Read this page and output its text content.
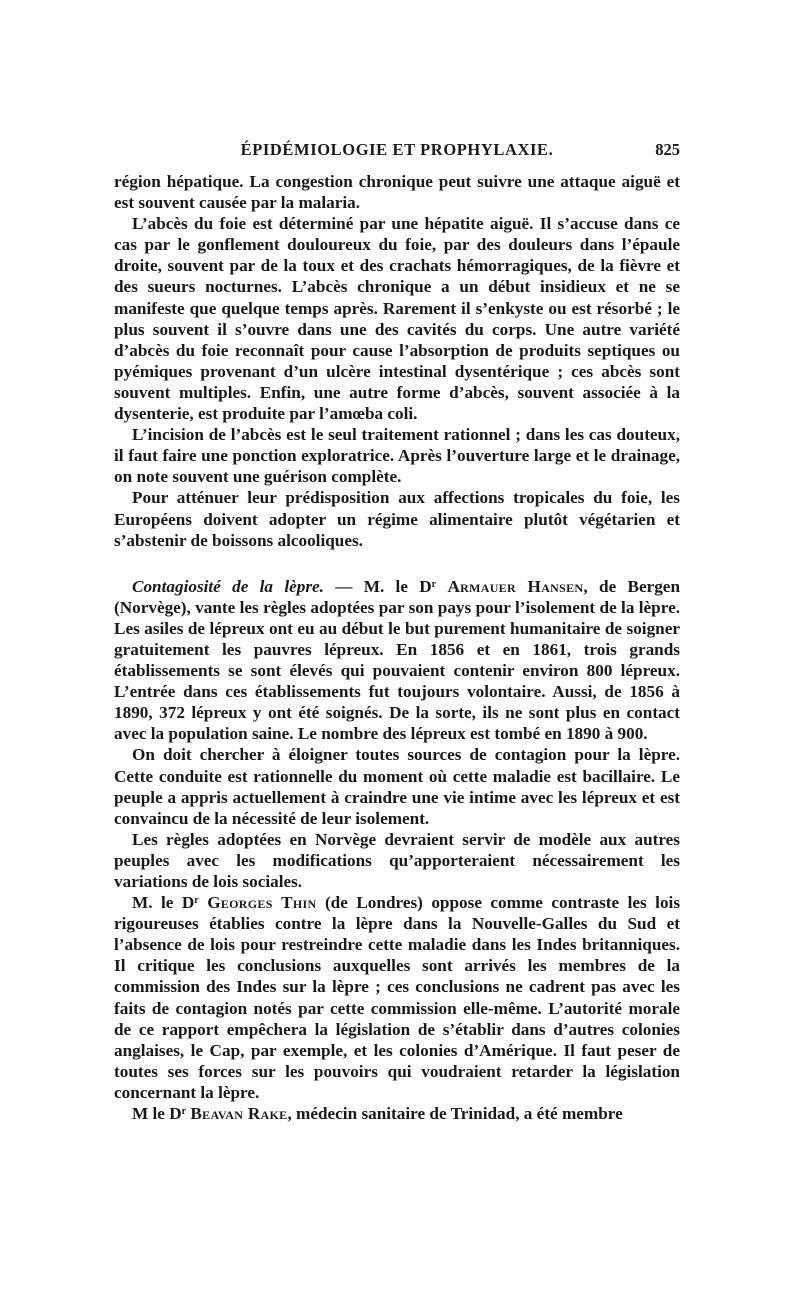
ÉPIDÉMIOLOGIE ET PROPHYLAXIE.	825

région hépatique. La congestion chronique peut suivre une attaque aiguë et est souvent causée par la malaria.

L’abcès du foie est déterminé par une hépatite aiguë. Il s’accuse dans ce cas par le gonflement douloureux du foie, par des douleurs dans l’épaule droite, souvent par de la toux et des crachats hémorragiques, de la fièvre et des sueurs nocturnes. L’abcès chronique a un début insidieux et ne se manifeste que quelque temps après. Rarement il s’enkyste ou est résorbé ; le plus souvent il s’ouvre dans une des cavités du corps. Une autre variété d’abcès du foie reconnaît pour cause l’absorption de produits septiques ou pyémiques provenant d’un ulcère intestinal dysentérique ; ces abcès sont souvent multiples. Enfin, une autre forme d’abcès, souvent associée à la dysenterie, est produite par l’amœba coli.

L’incision de l’abcès est le seul traitement rationnel ; dans les cas douteux, il faut faire une ponction exploratrice. Après l’ouverture large et le drainage, on note souvent une guérison complète.

Pour atténuer leur prédisposition aux affections tropicales du foie, les Européens doivent adopter un régime alimentaire plutôt végétarien et s’abstenir de boissons alcooliques.

Contagiosité de la lèpre. — M. le $D^r$ Armauer Hansen, de Bergen (Norvège), vante les règles adoptées par son pays pour l’isolement de la lèpre. Les asiles de lépreux ont eu au début le but purement humanitaire de soigner gratuitement les pauvres lépreux. En 1856 et en 1861, trois grands établissements se sont élevés qui pouvaient contenir environ 800 lépreux. L’entrée dans ces établissements fut toujours volontaire. Aussi, de 1856 à 1890, 372 lépreux y ont été soignés. De la sorte, ils ne sont plus en contact avec la population saine. Le nombre des lépreux est tombé en 1890 à 900.

On doit chercher à éloigner toutes sources de contagion pour la lèpre. Cette conduite est rationnelle du moment où cette maladie est bacillaire. Le peuple a appris actuellement à craindre une vie intime avec les lépreux et est convaincu de la nécessité de leur isolement.

Les règles adoptées en Norvège devraient servir de modèle aux autres peuples avec les modifications qu’apporteraient nécessairement les variations de lois sociales.

M. le $D^r$ Georges Thin (de Londres) oppose comme contraste les lois rigoureuses établies contre la lèpre dans la Nouvelle-Galles du Sud et l’absence de lois pour restreindre cette maladie dans les Indes britanniques. Il critique les conclusions auxquelles sont arrivés les membres de la commission des Indes sur la lèpre ; ces conclusions ne cadrent pas avec les faits de contagion notés par cette commission elle-même. L’autorité morale de ce rapport empêchera la législation de s’établir dans d’autres colonies anglaises, le Cap, par exemple, et les colonies d’Amérique. Il faut peser de toutes ses forces sur les pouvoirs qui voudraient retarder la législation concernant la lèpre.

M le $D^r$ Beavan Rake, médecin sanitaire de Trinidad, a été membre
